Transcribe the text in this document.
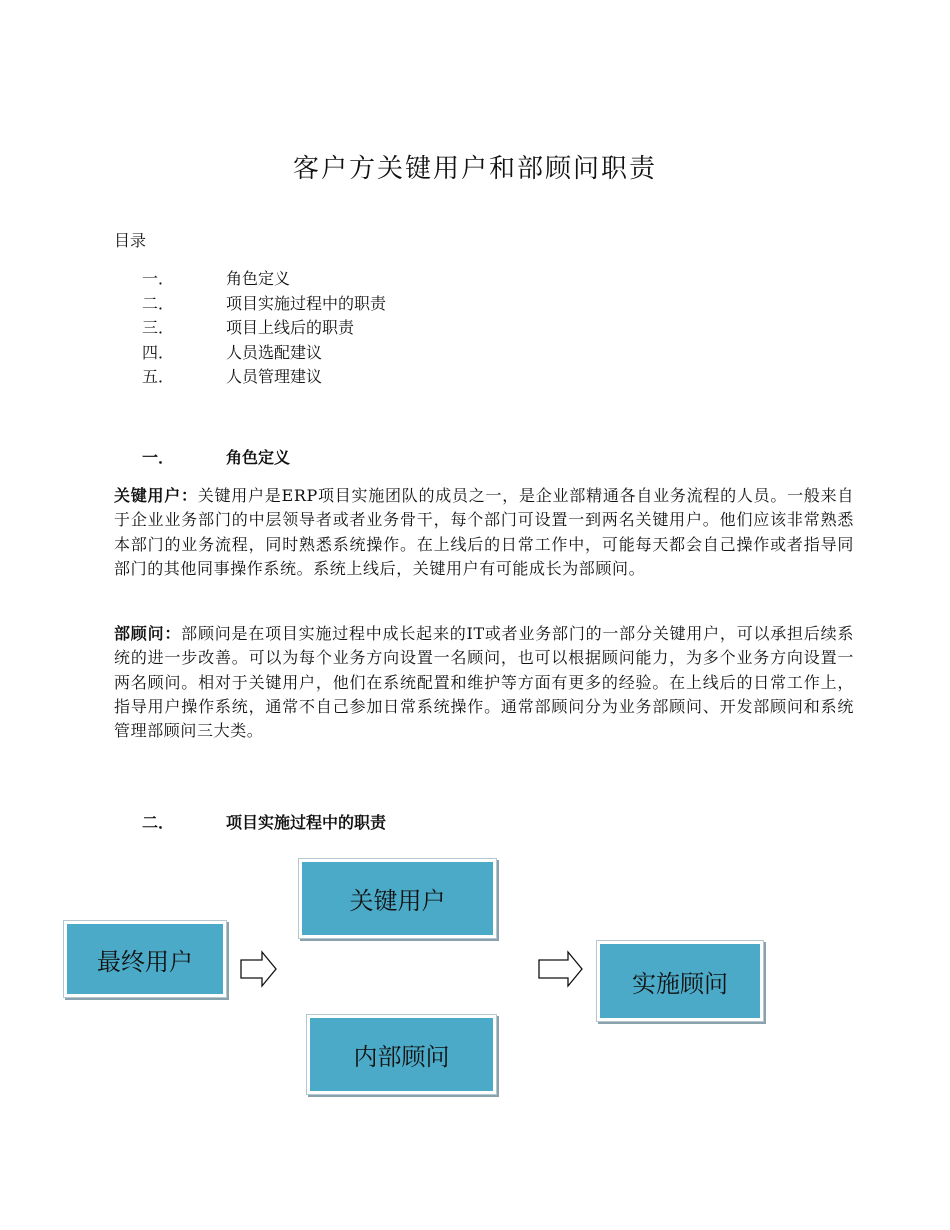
客户方关键用户和部顾问职责
目录
一．	角色定义
二．	项目实施过程中的职责
三．	项目上线后的职责
四．	人员选配建议
五．	人员管理建议
一．	角色定义
关键用户：关键用户是ERP项目实施团队的成员之一，是企业部精通各自业务流程的人员。一般来自于企业业务部门的中层领导者或者业务骨干，每个部门可设置一到两名关键用户。他们应该非常熟悉本部门的业务流程，同时熟悉系统操作。在上线后的日常工作中，可能每天都会自己操作或者指导同部门的其他同事操作系统。系统上线后，关键用户有可能成长为部顾问。
部顾问：部顾问是在项目实施过程中成长起来的IT或者业务部门的一部分关键用户，可以承担后续系统的进一步改善。可以为每个业务方向设置一名顾问，也可以根据顾问能力，为多个业务方向设置一两名顾问。相对于关键用户，他们在系统配置和维护等方面有更多的经验。在上线后的日常工作上，指导用户操作系统，通常不自己参加日常系统操作。通常部顾问分为业务部顾问、开发部顾问和系统管理部顾问三大类。
二．	项目实施过程中的职责
最终用户
关键用户
内部顾问
实施顾问
